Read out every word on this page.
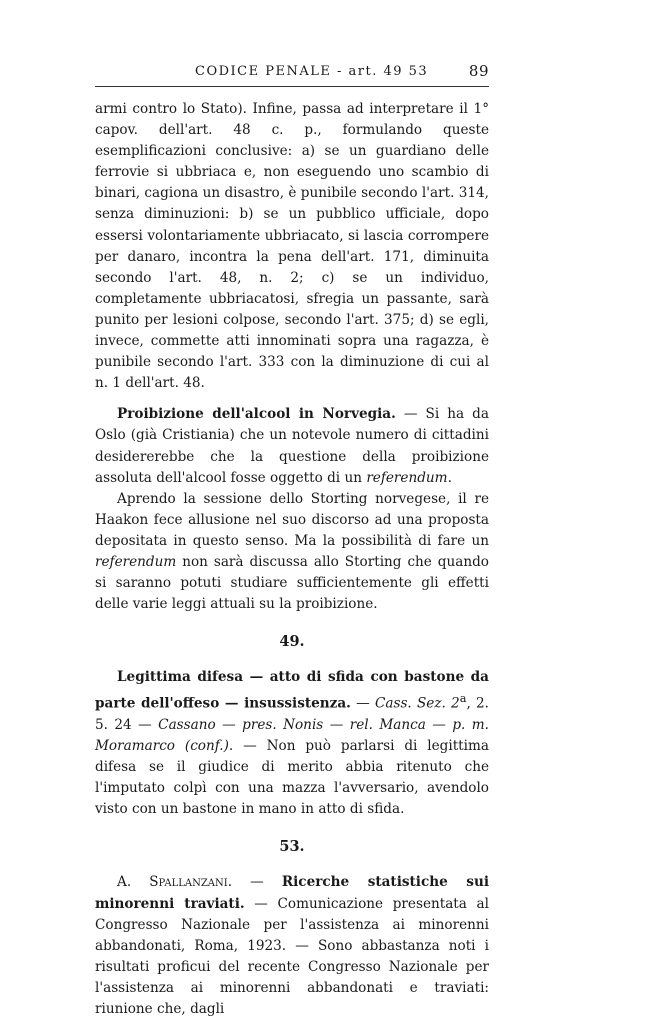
CODICE PENALE - art. 49 53	89

armi contro lo Stato). Infine, passa ad interpretare il 1° capov. dell'art. 48 c. p., formulando queste esemplificazioni conclusive: a) se un guardiano delle ferrovie si ubbriaca e, non eseguendo uno scambio di binari, cagiona un disastro, è punibile secondo l'art. 314, senza diminuzioni: b) se un pubblico ufficiale, dopo essersi volontariamente ubbriacato, si lascia corrompere per danaro, incontra la pena dell'art. 171, diminuita secondo l'art. 48, n. 2; c) se un individuo, completamente ubbriacatosi, sfregia un passante, sarà punito per lesioni colpose, secondo l'art. 375; d) se egli, invece, commette atti innominati sopra una ragazza, è punibile secondo l'art. 333 con la diminuzione di cui al n. 1 dell'art. 48.

Proibizione dell'alcool in Norvegia. — Si ha da Oslo (già Cristiania) che un notevole numero di cittadini desidererebbe che la questione della proibizione assoluta dell'alcool fosse oggetto di un referendum.

Aprendo la sessione dello Storting norvegese, il re Haakon fece allusione nel suo discorso ad una proposta depositata in questo senso. Ma la possibilità di fare un referendum non sarà discussa allo Storting che quando si saranno potuti studiare sufficientemente gli effetti delle varie leggi attuali su la proibizione.

49.

Legittima difesa — atto di sfida con bastone da parte dell'offeso — insussistenza. — Cass. Sez. 2$^a$, 2. 5. 24 — Cassano — pres. Nonis — rel. Manca — p. m. Moramarco (conf.). — Non può parlarsi di legittima difesa se il giudice di merito abbia ritenuto che l'imputato colpì con una mazza l'avversario, avendolo visto con un bastone in mano in atto di sfida.

53.

A. Spallanzani. — Ricerche statistiche sui minorenni traviati. — Comunicazione presentata al Congresso Nazionale per l'assistenza ai minorenni abbandonati, Roma, 1923. — Sono abbastanza noti i risultati proficui del recente Congresso Nazionale per l'assistenza ai minorenni abbandonati e traviati: riunione che, dagli
